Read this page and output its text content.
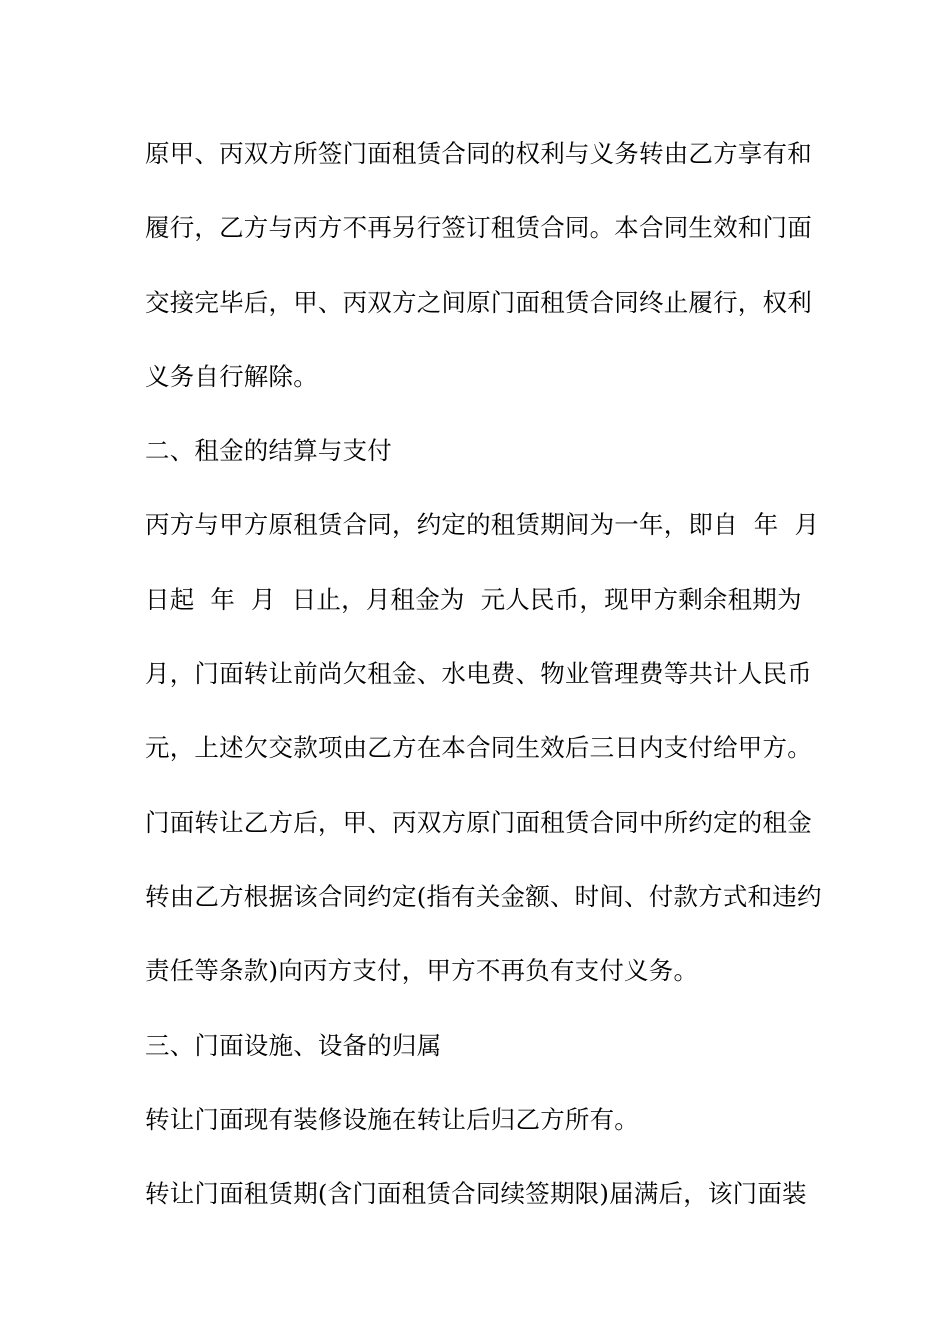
原甲、丙双方所签门面租赁合同的权利与义务转由乙方享有和
履行，乙方与丙方不再另行签订租赁合同。本合同生效和门面
交接完毕后，甲、丙双方之间原门面租赁合同终止履行，权利
义务自行解除。
二、租金的结算与支付
丙方与甲方原租赁合同，约定的租赁期间为一年，即自  年  月
日起  年  月  日止，月租金为  元人民币，现甲方剩余租期为
月，门面转让前尚欠租金、水电费、物业管理费等共计人民币
元，上述欠交款项由乙方在本合同生效后三日内支付给甲方。
门面转让乙方后，甲、丙双方原门面租赁合同中所约定的租金
转由乙方根据该合同约定(指有关金额、时间、付款方式和违约
责任等条款)向丙方支付，甲方不再负有支付义务。
三、门面设施、设备的归属
转让门面现有装修设施在转让后归乙方所有。
转让门面租赁期(含门面租赁合同续签期限)届满后，该门面装
